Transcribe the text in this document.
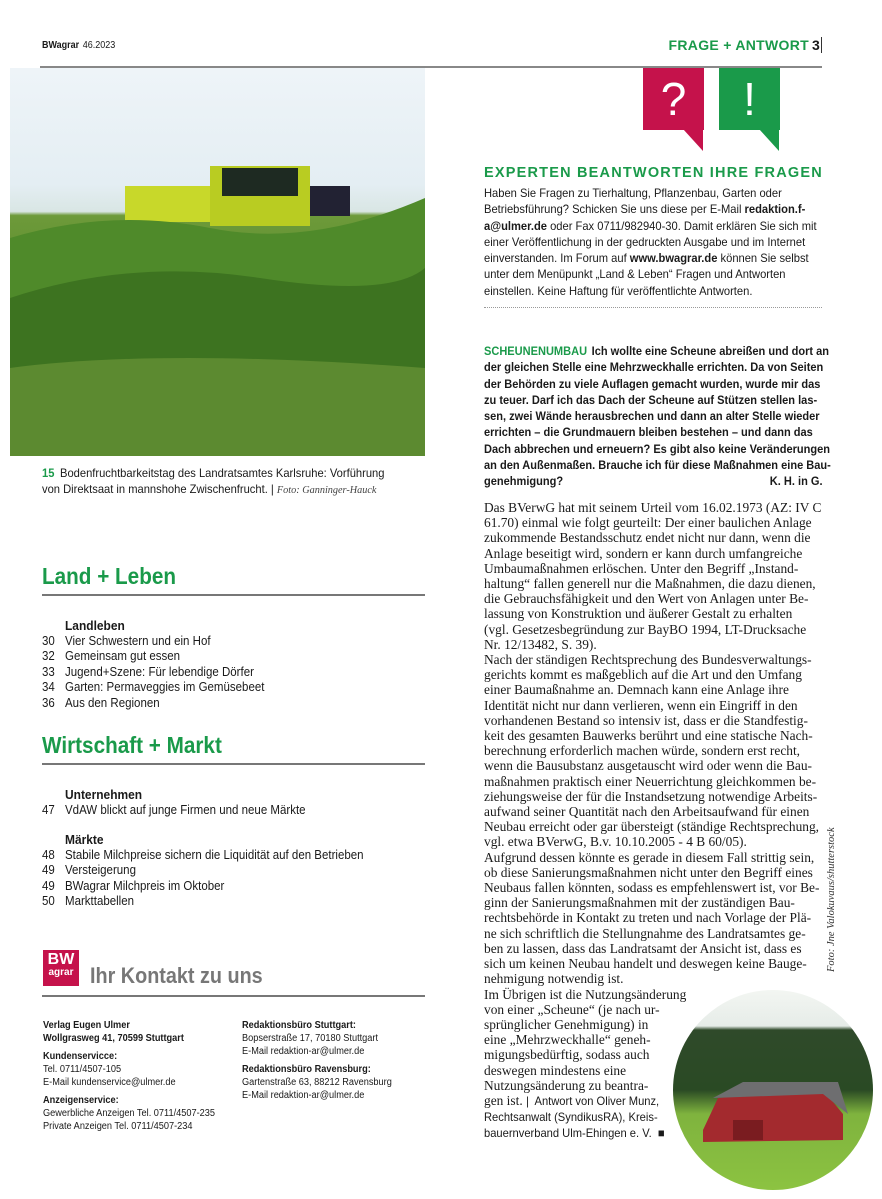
BWagrar 46.2023	FRAGE + ANTWORT 3
15 Bodenfruchtbarkeitstag des Landratsamtes Karlsruhe: Vorführung von Direktsaat in mannshohe Zwischenfrucht. | Foto: Ganninger-Hauck
Land + Leben
Landleben
30 Vier Schwestern und ein Hof
32 Gemeinsam gut essen
33 Jugend+Szene: Für lebendige Dörfer
34 Garten: Permaveggies im Gemüsebeet
36 Aus den Regionen
Wirtschaft + Markt
Unternehmen
47 VdAW blickt auf junge Firmen und neue Märkte
Märkte
48 Stabile Milchpreise sichern die Liquidität auf den Betrieben
49 Versteigerung
49 BWagrar Milchpreis im Oktober
50 Markttabellen
BW
agrar Ihr Kontakt zu uns
Verlag Eugen Ulmer
Wollgrasweg 41, 70599 Stuttgart
Kundenservicce:
Tel. 0711/4507-105
E-Mail kundenservice@ulmer.de
Anzeigenservice:
Gewerbliche Anzeigen Tel. 0711/4507-235
Private Anzeigen Tel. 0711/4507-234
Redaktionsbüro Stuttgart:
Bopserstraße 17, 70180 Stuttgart
E-Mail redaktion-ar@ulmer.de
Redaktionsbüro Ravensburg:
Gartenstraße 63, 88212 Ravensburg
E-Mail redaktion-ar@ulmer.de
?	!
EXPERTEN BEANTWORTEN IHRE FRAGEN
Haben Sie Fragen zu Tierhaltung, Pflanzenbau, Garten oder Betriebsführung? Schicken Sie uns diese per E-Mail redaktion.f-a@ulmer.de oder Fax 0711/982940-30. Damit erklären Sie sich mit einer Veröffentlichung in der gedruckten Ausgabe und im Internet einverstanden. Im Forum auf www.bwagrar.de können Sie selbst unter dem Menüpunkt „Land & Leben“ Fragen und Antworten einstellen. Keine Haftung für veröffentlichte Antworten.
SCHEUNENUMBAU Ich wollte eine Scheune abreißen und dort an
der gleichen Stelle eine Mehrzweckhalle errichten. Da von Seiten
der Behörden zu viele Auflagen gemacht wurden, wurde mir das
zu teuer. Darf ich das Dach der Scheune auf Stützen stellen las-
sen, zwei Wände herausbrechen und dann an alter Stelle wieder
errichten – die Grundmauern bleiben bestehen – und dann das
Dach abbrechen und erneuern? Es gibt also keine Veränderungen
an den Außenmaßen. Brauche ich für diese Maßnahmen eine Bau-
genehmigung?	K. H. in G.
Das BVerwG hat mit seinem Urteil vom 16.02.1973 (AZ: IV C
61.70) einmal wie folgt geurteilt: Der einer baulichen Anlage
zukommende Bestandsschutz endet nicht nur dann, wenn die
Anlage beseitigt wird, sondern er kann durch umfangreiche
Umbaumaßnahmen erlöschen. Unter den Begriff „Instand-
haltung“ fallen generell nur die Maßnahmen, die dazu dienen,
die Gebrauchsfähigkeit und den Wert von Anlagen unter Be-
lassung von Konstruktion und äußerer Gestalt zu erhalten
(vgl. Gesetzesbegründung zur BayBO 1994, LT-Drucksache
Nr. 12/13482, S. 39).
Nach der ständigen Rechtsprechung des Bundesverwaltungs-
gerichts kommt es maßgeblich auf die Art und den Umfang
einer Baumaßnahme an. Demnach kann eine Anlage ihre
Identität nicht nur dann verlieren, wenn ein Eingriff in den
vorhandenen Bestand so intensiv ist, dass er die Standfestig-
keit des gesamten Bauwerks berührt und eine statische Nach-
berechnung erforderlich machen würde, sondern erst recht,
wenn die Bausubstanz ausgetauscht wird oder wenn die Bau-
maßnahmen praktisch einer Neuerrichtung gleichkommen be-
ziehungsweise der für die Instandsetzung notwendige Arbeits-
aufwand seiner Quantität nach den Arbeitsaufwand für einen
Neubau erreicht oder gar übersteigt (ständige Rechtsprechung,
vgl. etwa BVerwG, B.v. 10.10.2005 - 4 B 60/05).
Aufgrund dessen könnte es gerade in diesem Fall strittig sein,
ob diese Sanierungsmaßnahmen nicht unter den Begriff eines
Neubaus fallen könnten, sodass es empfehlenswert ist, vor Be-
ginn der Sanierungsmaßnahmen mit der zuständigen Bau-
rechtsbehörde in Kontakt zu treten und nach Vorlage der Plä-
ne sich schriftlich die Stellungnahme des Landratsamtes ge-
ben zu lassen, dass das Landratsamt der Ansicht ist, dass es
sich um keinen Neubau handelt und deswegen keine Bauge-
nehmigung notwendig ist.
Im Übrigen ist die Nutzungsänderung
von einer „Scheune“ (je nach ur-
sprünglicher Genehmigung) in
eine „Mehrzweckhalle“ geneh-
migungsbedürftig, sodass auch
deswegen mindestens eine
Nutzungsänderung zu beantra-
gen ist. | Antwort von Oliver Munz,
Rechtsanwalt (SyndikusRA), Kreis-
bauernverband Ulm-Ehingen e. V. ■
Foto: Jne Valokuvaus/shutterstock
